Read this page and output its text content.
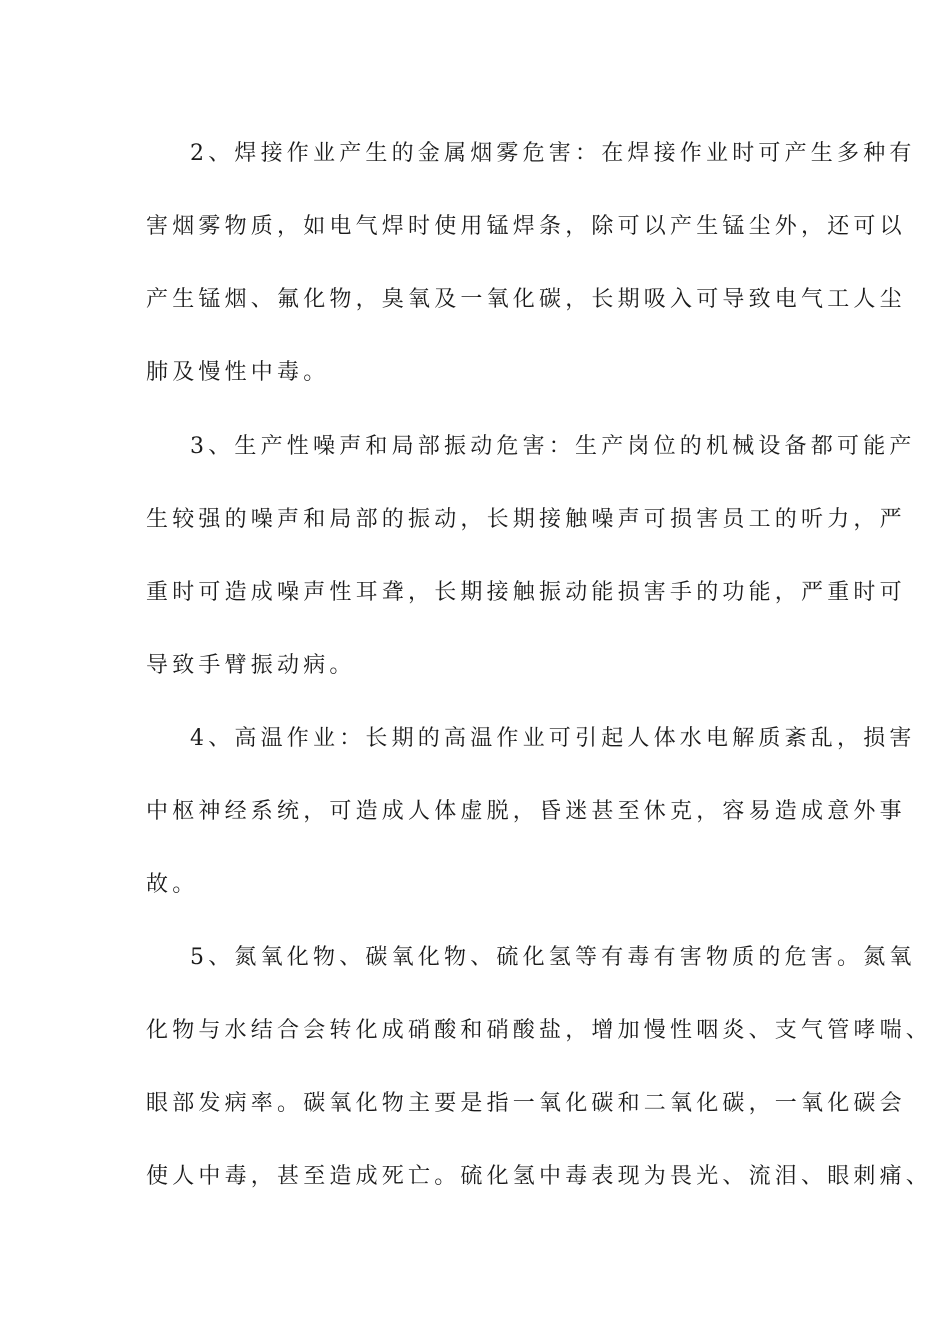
2、焊接作业产生的金属烟雾危害：在焊接作业时可产生多种有
害烟雾物质，如电气焊时使用锰焊条，除可以产生锰尘外，还可以
产生锰烟、氟化物，臭氧及一氧化碳，长期吸入可导致电气工人尘
肺及慢性中毒。
3、生产性噪声和局部振动危害：生产岗位的机械设备都可能产
生较强的噪声和局部的振动，长期接触噪声可损害员工的听力，严
重时可造成噪声性耳聋，长期接触振动能损害手的功能，严重时可
导致手臂振动病。
4、高温作业：长期的高温作业可引起人体水电解质紊乱，损害
中枢神经系统，可造成人体虚脱，昏迷甚至休克，容易造成意外事
故。
5、氮氧化物、碳氧化物、硫化氢等有毒有害物质的危害。氮氧
化物与水结合会转化成硝酸和硝酸盐，增加慢性咽炎、支气管哮喘、
眼部发病率。碳氧化物主要是指一氧化碳和二氧化碳，一氧化碳会
使人中毒，甚至造成死亡。硫化氢中毒表现为畏光、流泪、眼刺痛、
